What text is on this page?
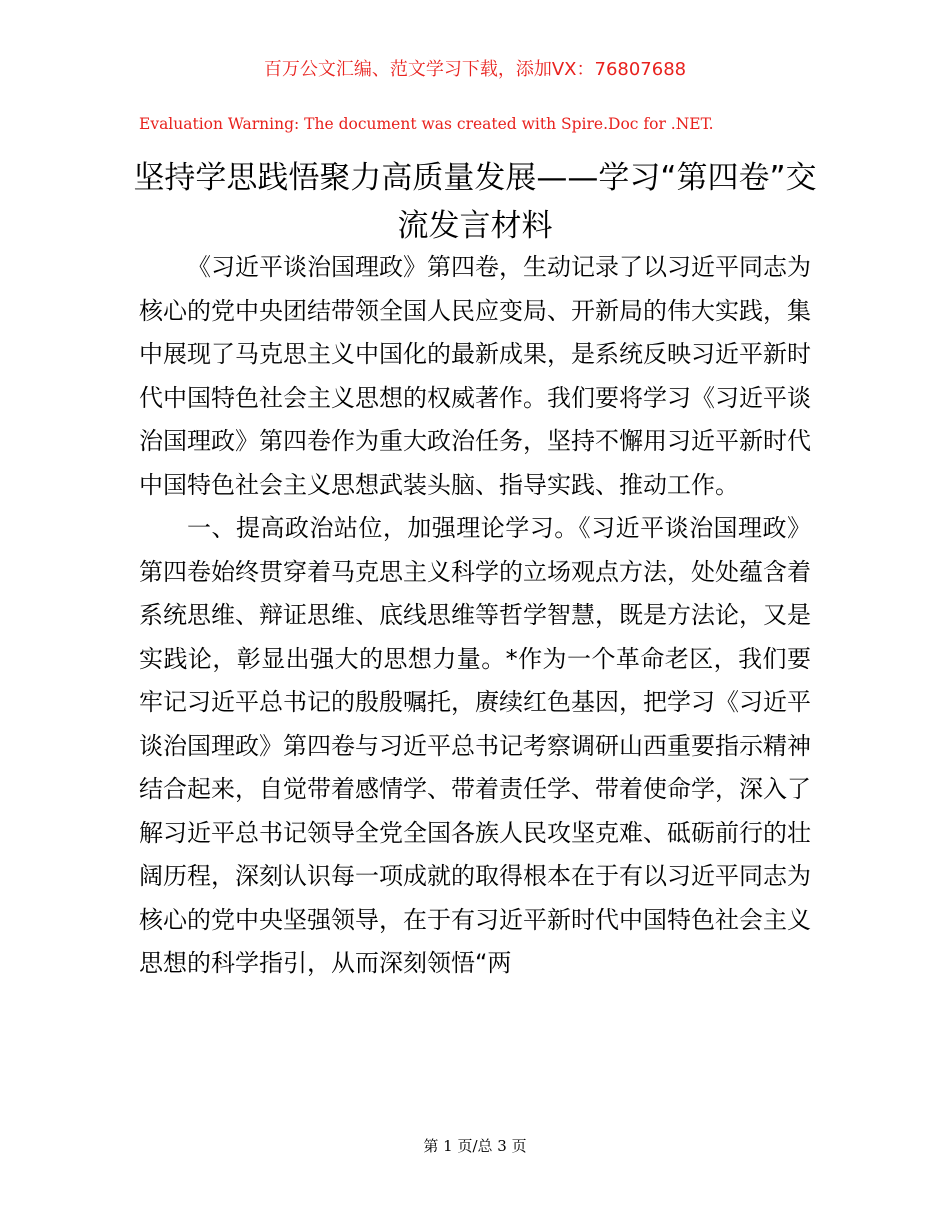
百万公文汇编、范文学习下载，添加VX：76807688
Evaluation Warning: The document was created with Spire.Doc for .NET.
坚持学思践悟聚力高质量发展——学习“第四卷”交流发言材料

《习近平谈治国理政》第四卷，生动记录了以习近平同志为核心的党中央团结带领全国人民应变局、开新局的伟大实践，集中展现了马克思主义中国化的最新成果，是系统反映习近平新时代中国特色社会主义思想的权威著作。我们要将学习《习近平谈治国理政》第四卷作为重大政治任务，坚持不懈用习近平新时代中国特色社会主义思想武装头脑、指导实践、推动工作。

一、提高政治站位，加强理论学习。《习近平谈治国理政》第四卷始终贯穿着马克思主义科学的立场观点方法，处处蕴含着系统思维、辩证思维、底线思维等哲学智慧，既是方法论，又是实践论，彰显出强大的思想力量。*作为一个革命老区，我们要牢记习近平总书记的殷殷嘱托，赓续红色基因，把学习《习近平谈治国理政》第四卷与习近平总书记考察调研山西重要指示精神结合起来，自觉带着感情学、带着责任学、带着使命学，深入了解习近平总书记领导全党全国各族人民攻坚克难、砥砺前行的壮阔历程，深刻认识每一项成就的取得根本在于有以习近平同志为核心的党中央坚强领导，在于有习近平新时代中国特色社会主义思想的科学指引，从而深刻领悟“两

第 1 页/总 3 页
